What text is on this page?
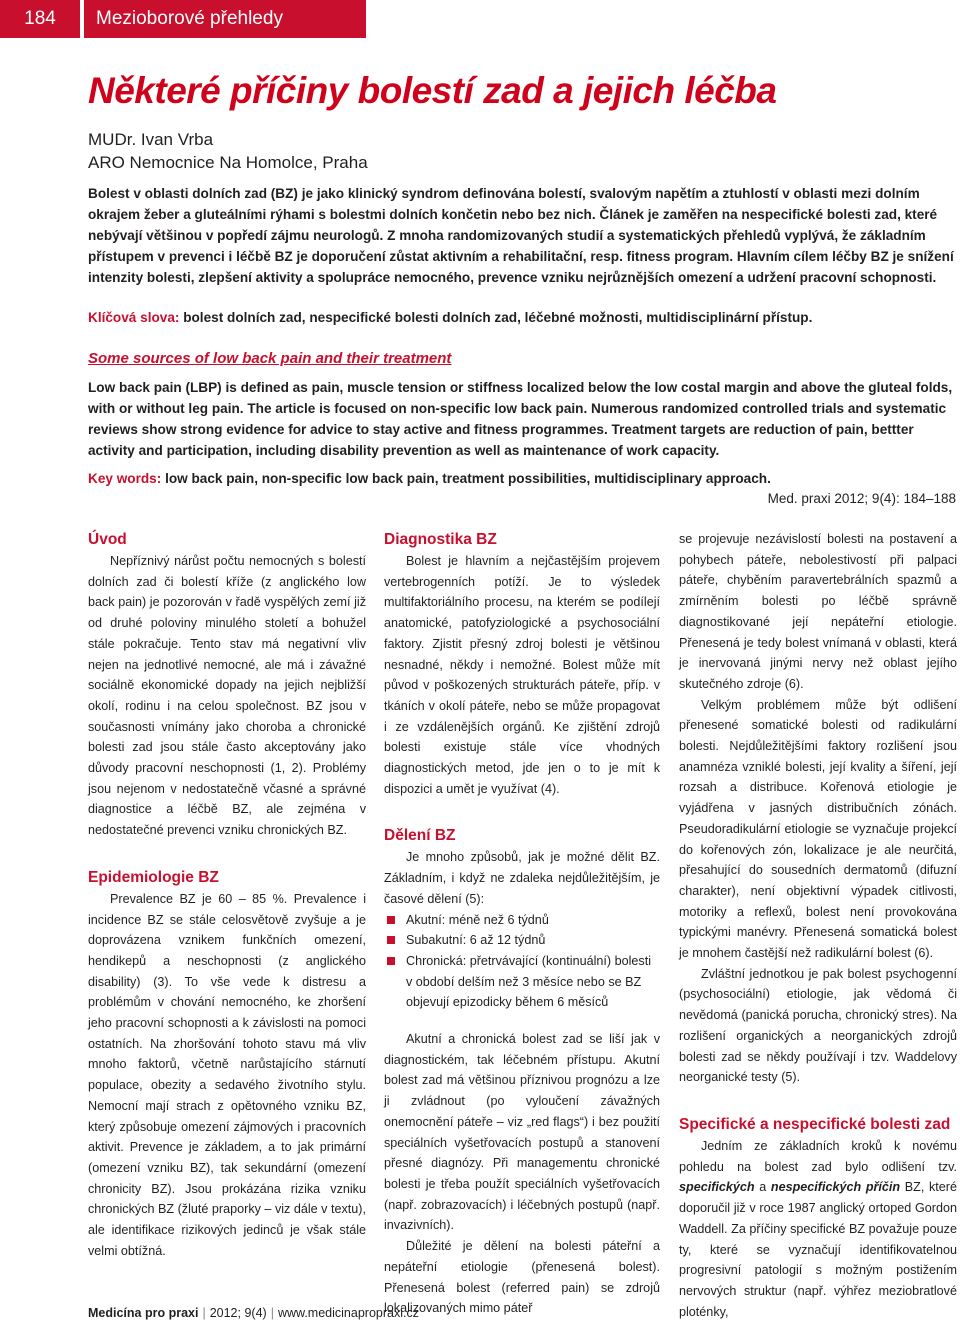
184	Mezioborové přehledy
Některé příčiny bolestí zad a jejich léčba
MUDr. Ivan Vrba
ARO Nemocnice Na Homolce, Praha

Bolest v oblasti dolních zad (BZ) je jako klinický syndrom definována bolestí, svalovým napětím a ztuhlostí v oblasti mezi dolním okrajem žeber a gluteálními rýhami s bolestmi dolních končetin nebo bez nich. Článek je zaměřen na nespecifické bolesti zad, které nebývají většinou v popředí zájmu neurologů. Z mnoha randomizovaných studií a systematických přehledů vyplývá, že základním přístupem v prevenci i léčbě BZ je doporučení zůstat aktivním a rehabilitační, resp. fitness program. Hlavním cílem léčby BZ je snížení intenzity bolesti, zlepšení aktivity a spolupráce nemocného, prevence vzniku nejrůznějších omezení a udržení pracovní schopnosti.

Klíčová slova: bolest dolních zad, nespecifické bolesti dolních zad, léčebné možnosti, multidisciplinární přístup.

Some sources of low back pain and their treatment

Low back pain (LBP) is defined as pain, muscle tension or stiffness localized below the low costal margin and above the gluteal folds, with or without leg pain. The article is focused on non-specific low back pain. Numerous randomized controlled trials and systematic reviews show strong evidence for advice to stay active and fitness programmes. Treatment targets are reduction of pain, bettter activity and participation, including disability prevention as well as maintenance of work capacity.

Key words: low back pain, non-specific low back pain, treatment possibilities, multidisciplinary approach.

Med. praxi 2012; 9(4): 184–188
Úvod

Nepříznivý nárůst počtu nemocných s bolestí dolních zad či bolestí kříže (z anglického low back pain) je pozorován v řadě vyspělých zemí již od druhé poloviny minulého století a bohužel stále pokračuje. Tento stav má negativní vliv nejen na jednotlivé nemocné, ale má i závažné sociálně ekonomické dopady na jejich nejbližší okolí, rodinu i na celou společnost. BZ jsou v současnosti vnímány jako choroba a chronické bolesti zad jsou stále často akceptovány jako důvody pracovní neschopnosti (1, 2). Problémy jsou nejenom v nedostatečně včasné a správné diagnostice a léčbě BZ, ale zejména v nedostatečné prevenci vzniku chronických BZ.

Epidemiologie BZ

Prevalence BZ je 60 – 85 %. Prevalence i incidence BZ se stále celosvětově zvyšuje a je doprovázena vznikem funkčních omezení, hendikepů a neschopnosti (z anglického disability) (3). To vše vede k distresu a problémům v chování nemocného, ke zhoršení jeho pracovní schopnosti a k závislosti na pomoci ostatních. Na zhoršování tohoto stavu má vliv mnoho faktorů, včetně narůstajícího stárnutí populace, obezity a sedavého životního stylu. Nemocní mají strach z opětovného vzniku BZ, který způsobuje omezení zájmových i pracovních aktivit. Prevence je základem, a to jak primární (omezení vzniku BZ), tak sekundární (omezení chronicity BZ). Jsou prokázána rizika vzniku chronických BZ (žluté praporky – viz dále v textu), ale identifikace rizikových jedinců je však stále velmi obtížná.

Diagnostika BZ

Bolest je hlavním a nejčastějším projevem vertebrogenních potíží. Je to výsledek multifaktoriálního procesu, na kterém se podílejí anatomické, patofyziologické a psychosociální faktory. Zjistit přesný zdroj bolesti je většinou nesnadné, někdy i nemožné. Bolest může mít původ v poškozených strukturách páteře, příp. v tkáních v okolí páteře, nebo se může propagovat i ze vzdálenějších orgánů. Ke zjištění zdrojů bolesti existuje stále více vhodných diagnostických metod, jde jen o to je mít k dispozici a umět je využívat (4).

Dělení BZ

Je mnoho způsobů, jak je možné dělit BZ. Základním, i když ne zdaleka nejdůležitějším, je časové dělení (5):

Akutní: méně než 6 týdnů
Subakutní: 6 až 12 týdnů
Chronická: přetrvávající (kontinuální) bolesti v období delším než 3 měsíce nebo se BZ objevují epizodicky během 6 měsíců

Akutní a chronická bolest zad se liší jak v diagnostickém, tak léčebném přístupu. Akutní bolest zad má většinou příznivou prognózu a lze ji zvládnout (po vyloučení závažných onemocnění páteře – viz „red flags“) i bez použití speciálních vyšetřovacích postupů a stanovení přesné diagnózy. Při managementu chronické bolesti je třeba použít speciálních vyšetřovacích (např. zobrazovacích) i léčebných postupů (např. invazivních).

Důležité je dělení na bolesti páteřní a nepáteřní etiologie (přenesená bolest). Přenesená bolest (referred pain) se zdrojů lokalizovaných mimo páteř

se projevuje nezávislostí bolesti na postavení a pohybech páteře, nebolestivostí při palpaci páteře, chyběním paravertebrálních spazmů a zmírněním bolesti po léčbě správně diagnostikované její nepáteřní etiologie. Přenesená je tedy bolest vnímaná v oblasti, která je inervovaná jinými nervy než oblast jejího skutečného zdroje (6).

Velkým problémem může být odlišení přenesené somatické bolesti od radikulární bolesti. Nejdůležitějšími faktory rozlišení jsou anamnéza vzniklé bolesti, její kvality a šíření, její rozsah a distribuce. Kořenová etiologie je vyjádřena v jasných distribučních zónách. Pseudoradikulární etiologie se vyznačuje projekcí do kořenových zón, lokalizace je ale neurčitá, přesahující do sousedních dermatomů (difuzní charakter), není objektivní výpadek citlivosti, motoriky a reflexů, bolest není provokována typickými manévry. Přenesená somatická bolest je mnohem častější než radikulární bolest (6).

Zvláštní jednotkou je pak bolest psychogenní (psychosociální) etiologie, jak vědomá či nevědomá (panická porucha, chronický stres). Na rozlišení organických a neorganických zdrojů bolesti zad se někdy používají i tzv. Waddelovy neorganické testy (5).

Specifické a nespecifické bolesti zad

Jedním ze základních kroků k novému pohledu na bolest zad bylo odlišení tzv. specifických a nespecifických příčin BZ, které doporučil již v roce 1987 anglický ortoped Gordon Waddell. Za příčiny specifické BZ považuje pouze ty, které se vyznačují identifikovatelnou progresivní patologií s možným postižením nervových struktur (např. výhřez meziobratlové ploténky,

Medicína pro praxi | 2012; 9(4) | www.medicinapropraxi.cz
